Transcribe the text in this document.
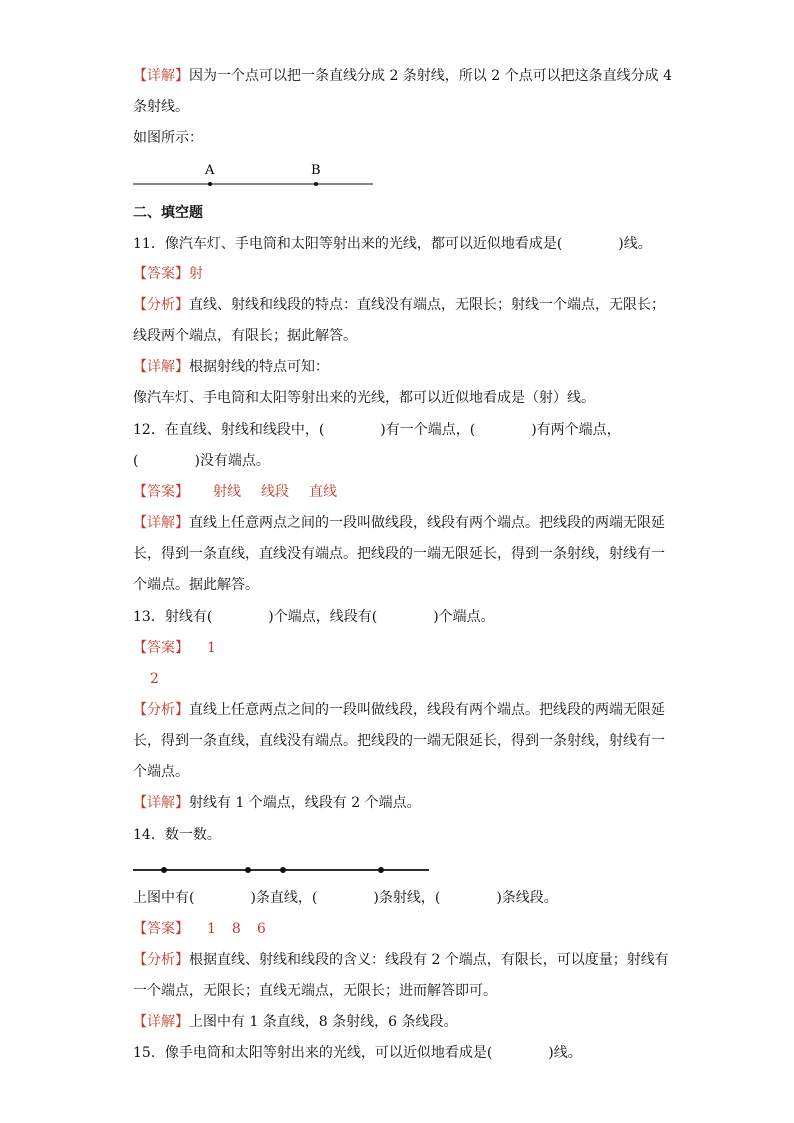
【详解】因为一个点可以把一条直线分成 2 条射线，所以 2 个点可以把这条直线分成 4
条射线。
如图所示：
A	B
二、填空题
11．像汽车灯、手电筒和太阳等射出来的光线，都可以近似地看成是(	)线。
【答案】射
【分析】直线、射线和线段的特点：直线没有端点，无限长；射线一个端点，无限长；
线段两个端点，有限长；据此解答。
【详解】根据射线的特点可知：
像汽车灯、手电筒和太阳等射出来的光线，都可以近似地看成是（射）线。
12．在直线、射线和线段中，(	)有一个端点，(	)有两个端点，
(	)没有端点。
【答案】 射线 线段 直线
【详解】直线上任意两点之间的一段叫做线段，线段有两个端点。把线段的两端无限延
长，得到一条直线，直线没有端点。把线段的一端无限延长，得到一条射线，射线有一
个端点。据此解答。
13．射线有(	)个端点，线段有(	)个端点。
【答案】 1
2
【分析】直线上任意两点之间的一段叫做线段，线段有两个端点。把线段的两端无限延
长，得到一条直线，直线没有端点。把线段的一端无限延长，得到一条射线，射线有一
个端点。
【详解】射线有 1 个端点，线段有 2 个端点。
14．数一数。
上图中有(	)条直线，(	)条射线，(	)条线段。
【答案】 1 8 6
【分析】根据直线、射线和线段的含义：线段有 2 个端点，有限长，可以度量；射线有
一个端点，无限长；直线无端点，无限长；进而解答即可。
【详解】上图中有 1 条直线，8 条射线，6 条线段。
15．像手电筒和太阳等射出来的光线，可以近似地看成是(	)线。
